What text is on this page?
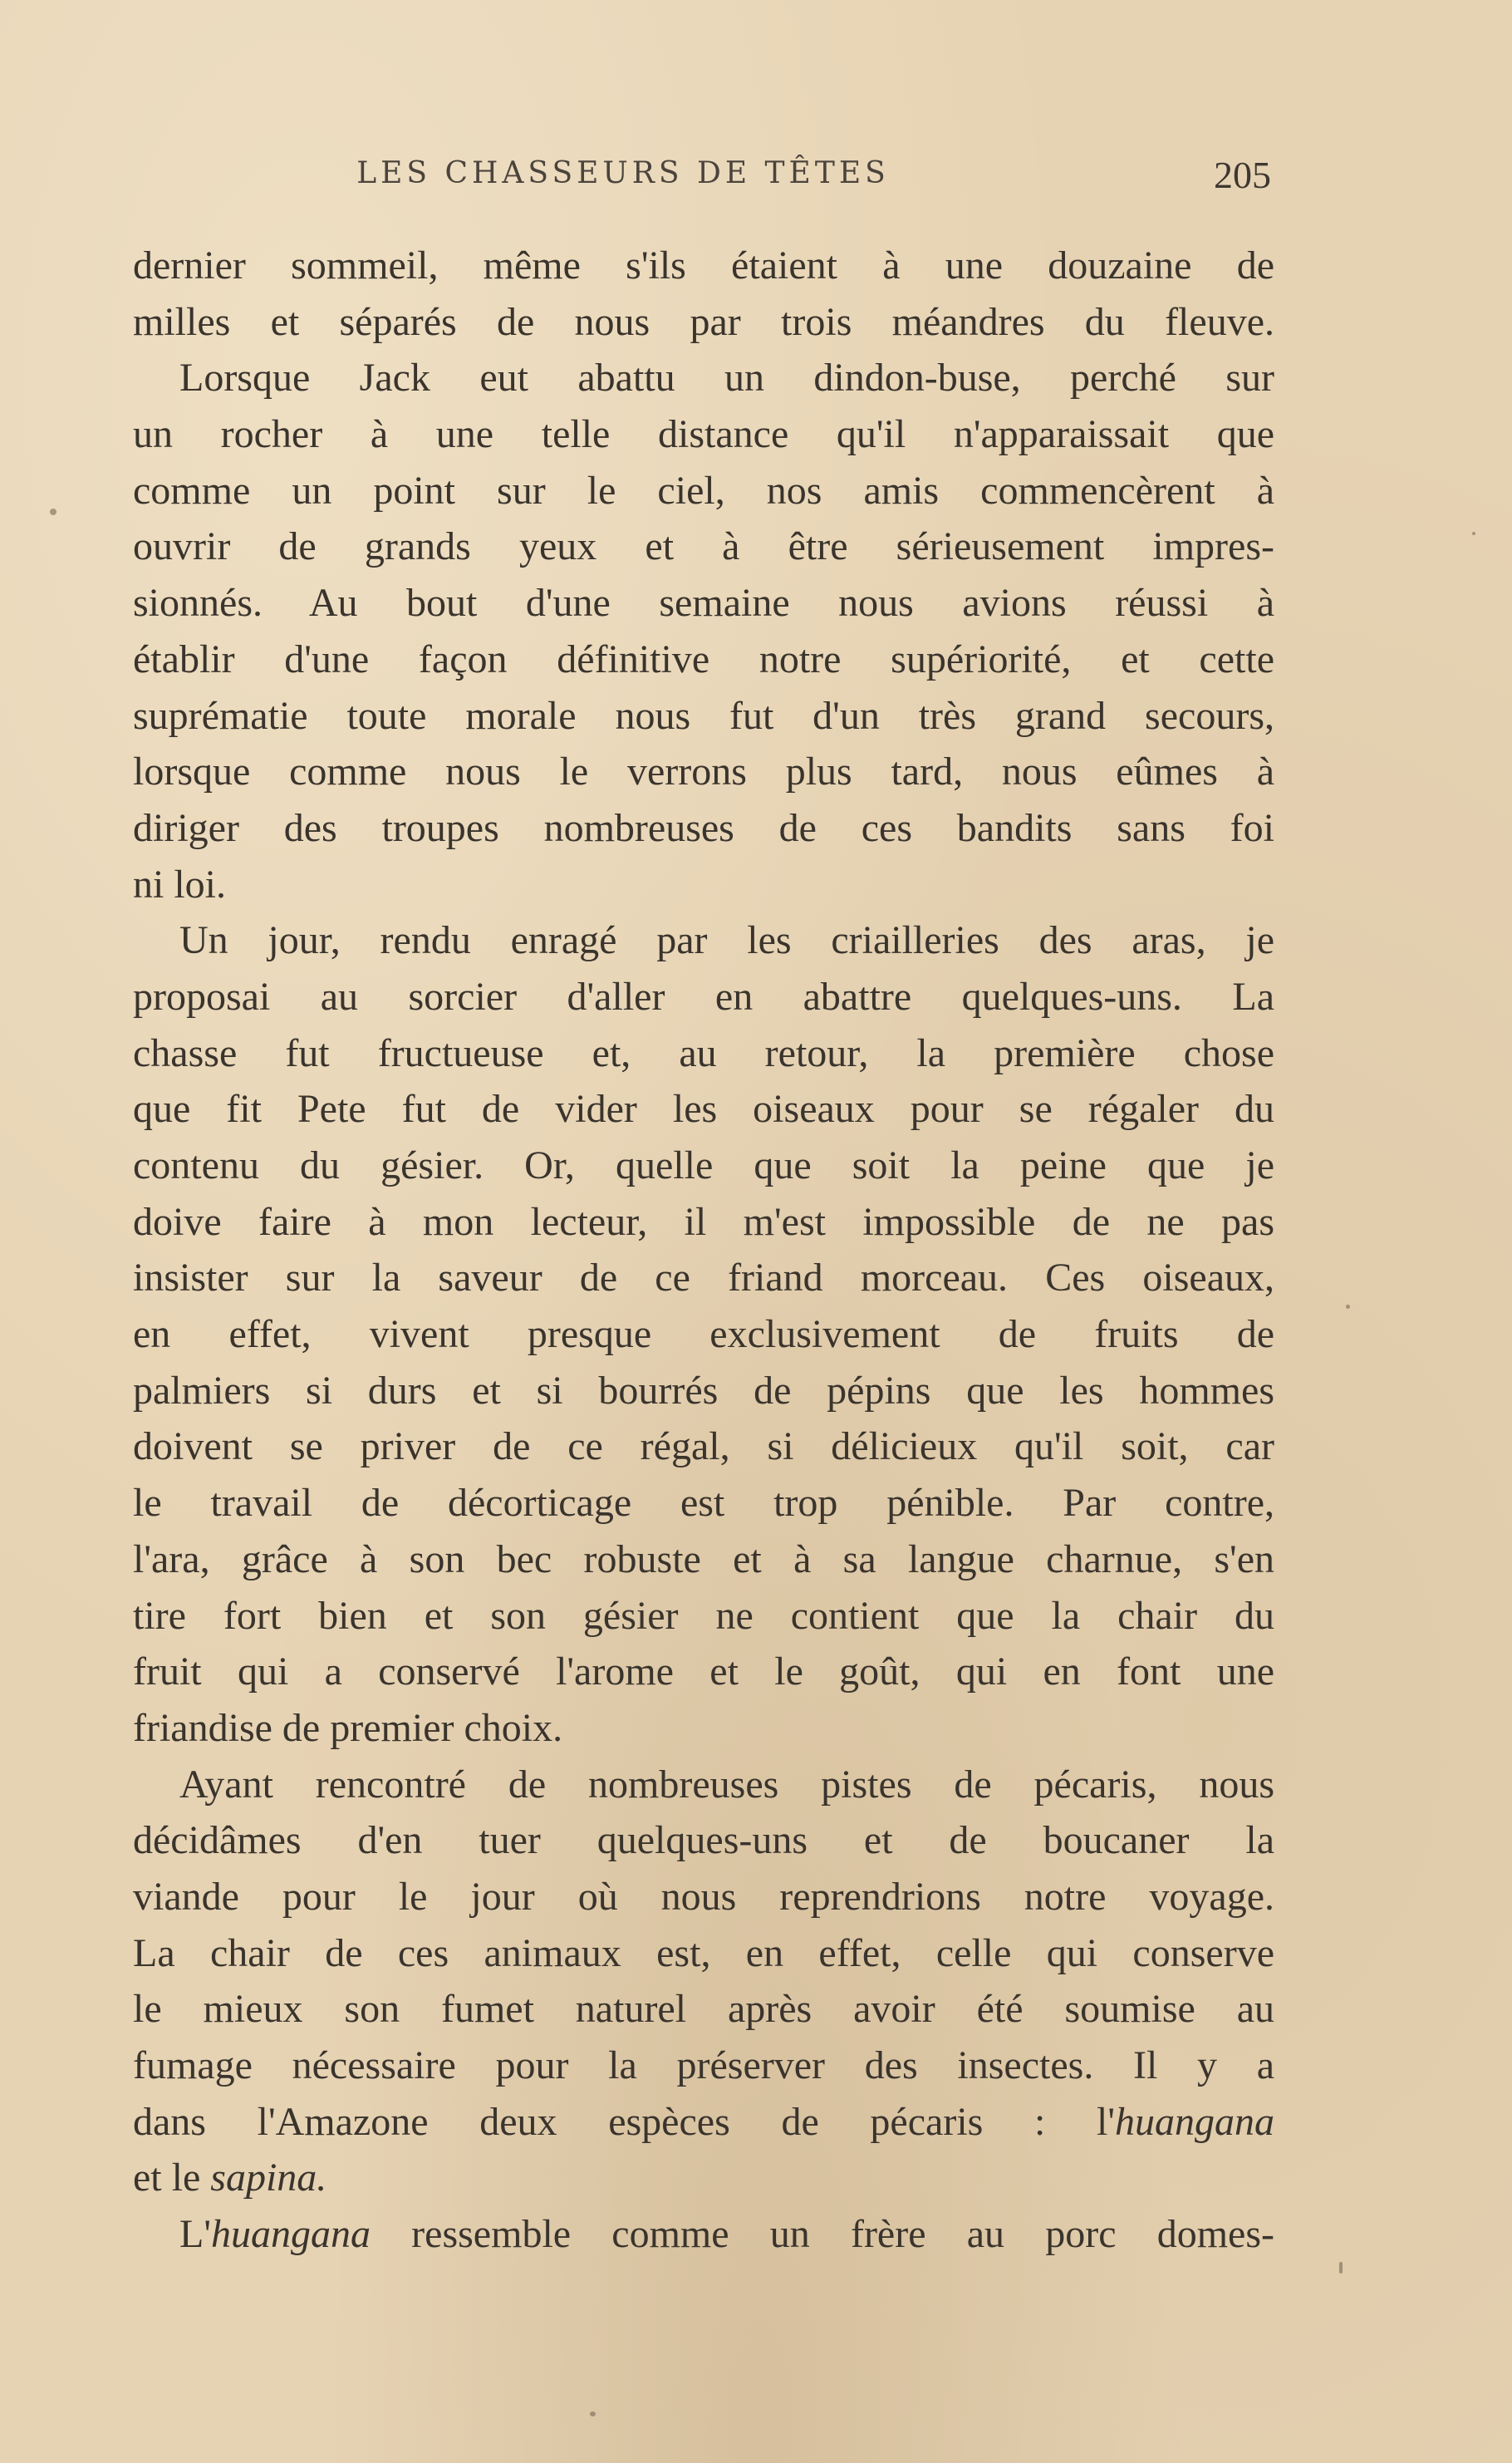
LES CHASSEURS DE TÊTES	205
dernier sommeil, même s'ils étaient à une douzaine de
milles et séparés de nous par trois méandres du fleuve.
Lorsque Jack eut abattu un dindon-buse, perché sur
un rocher à une telle distance qu'il n'apparaissait que
comme un point sur le ciel, nos amis commencèrent à
ouvrir de grands yeux et à être sérieusement impres-
sionnés. Au bout d'une semaine nous avions réussi à
établir d'une façon définitive notre supériorité, et cette
suprématie toute morale nous fut d'un très grand secours,
lorsque comme nous le verrons plus tard, nous eûmes à
diriger des troupes nombreuses de ces bandits sans foi
ni loi.
Un jour, rendu enragé par les criailleries des aras, je
proposai au sorcier d'aller en abattre quelques-uns. La
chasse fut fructueuse et, au retour, la première chose
que fit Pete fut de vider les oiseaux pour se régaler du
contenu du gésier. Or, quelle que soit la peine que je
doive faire à mon lecteur, il m'est impossible de ne pas
insister sur la saveur de ce friand morceau. Ces oiseaux,
en effet, vivent presque exclusivement de fruits de
palmiers si durs et si bourrés de pépins que les hommes
doivent se priver de ce régal, si délicieux qu'il soit, car
le travail de décorticage est trop pénible. Par contre,
l'ara, grâce à son bec robuste et à sa langue charnue, s'en
tire fort bien et son gésier ne contient que la chair du
fruit qui a conservé l'arome et le goût, qui en font une
friandise de premier choix.
Ayant rencontré de nombreuses pistes de pécaris, nous
décidâmes d'en tuer quelques-uns et de boucaner la
viande pour le jour où nous reprendrions notre voyage.
La chair de ces animaux est, en effet, celle qui conserve
le mieux son fumet naturel après avoir été soumise au
fumage nécessaire pour la préserver des insectes. Il y a
dans l'Amazone deux espèces de pécaris : l'huangana
et le sapina.
L'huangana ressemble comme un frère au porc domes-
